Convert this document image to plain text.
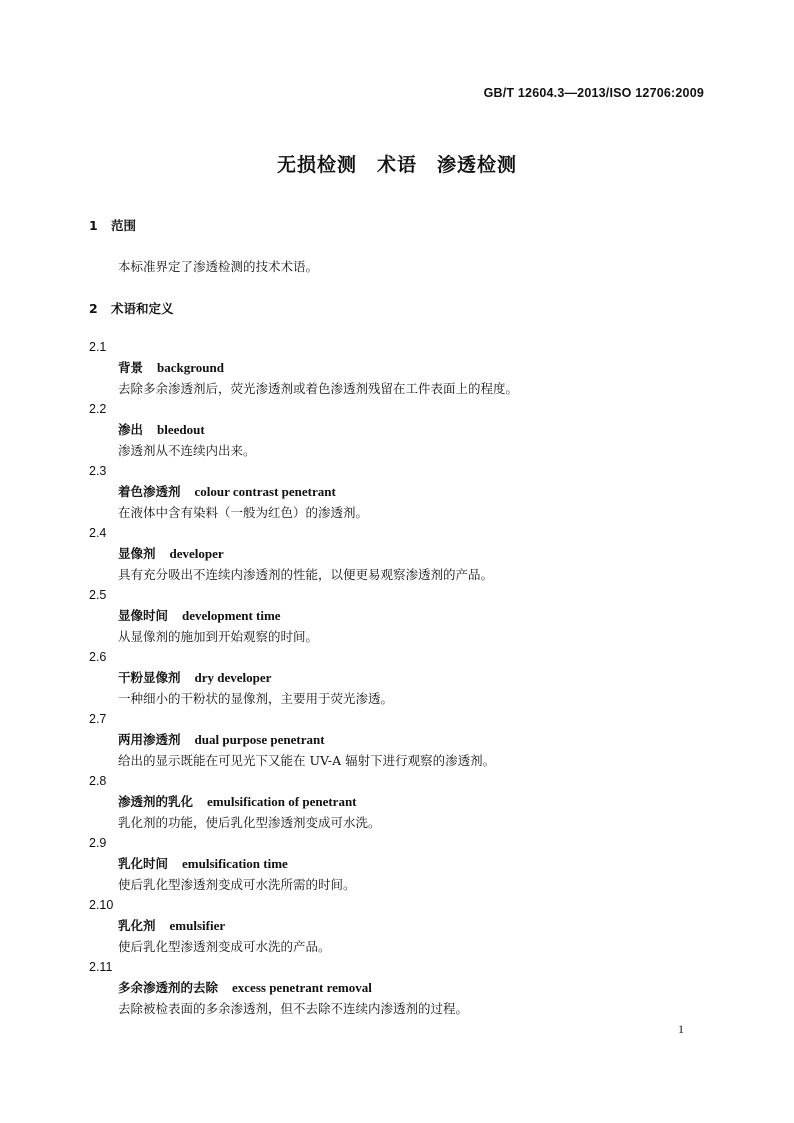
GB/T 12604.3—2013/ISO 12706:2009
无损检测　术语　渗透检测
1 范围
本标准界定了渗透检测的技术术语。
2 术语和定义
2.1
背景 background
去除多余渗透剂后，荧光渗透剂或着色渗透剂残留在工件表面上的程度。
2.2
渗出 bleedout
渗透剂从不连续内出来。
2.3
着色渗透剂 colour contrast penetrant
在液体中含有染料（一般为红色）的渗透剂。
2.4
显像剂 developer
具有充分吸出不连续内渗透剂的性能，以便更易观察渗透剂的产品。
2.5
显像时间 development time
从显像剂的施加到开始观察的时间。
2.6
干粉显像剂 dry developer
一种细小的干粉状的显像剂，主要用于荧光渗透。
2.7
两用渗透剂 dual purpose penetrant
给出的显示既能在可见光下又能在 UV-A 辐射下进行观察的渗透剂。
2.8
渗透剂的乳化 emulsification of penetrant
乳化剂的功能，使后乳化型渗透剂变成可水洗。
2.9
乳化时间 emulsification time
使后乳化型渗透剂变成可水洗所需的时间。
2.10
乳化剂 emulsifier
使后乳化型渗透剂变成可水洗的产品。
2.11
多余渗透剂的去除 excess penetrant removal
去除被检表面的多余渗透剂，但不去除不连续内渗透剂的过程。
1
